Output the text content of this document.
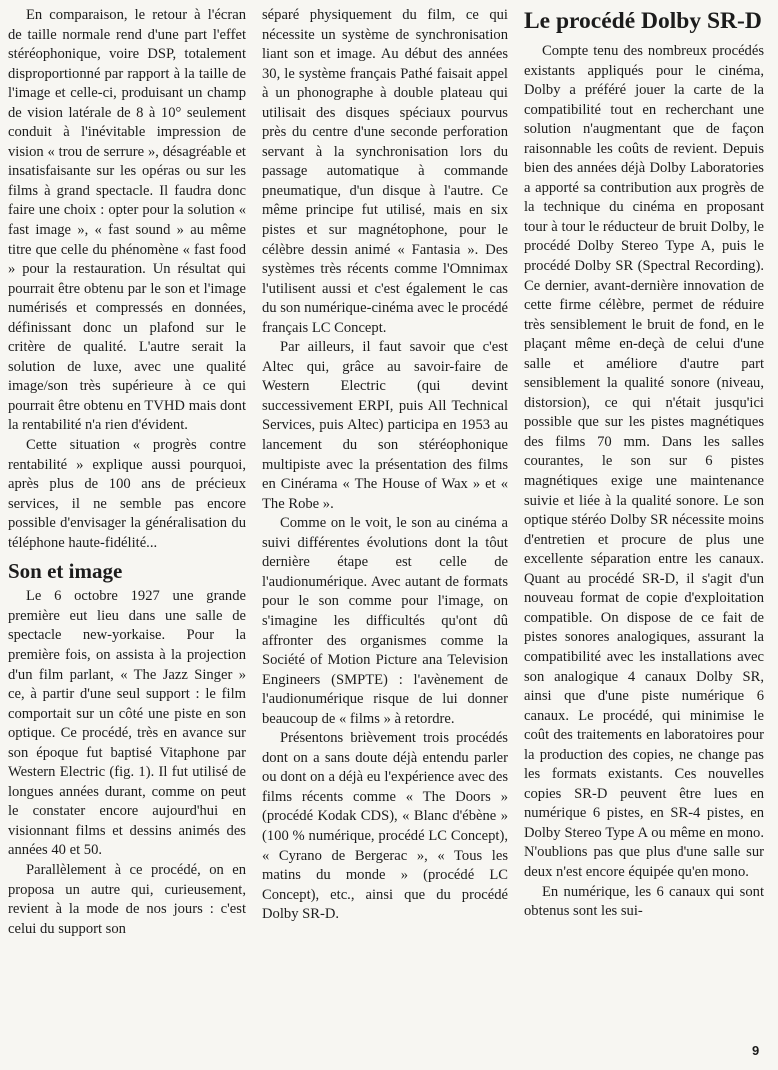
En comparaison, le retour à l'écran de taille normale rend d'une part l'effet stéréophonique, voire DSP, totalement disproportionné par rapport à la taille de l'image et celle-ci, produisant un champ de vision latérale de 8 à 10° seulement conduit à l'inévitable impression de vision « trou de serrure », désagréable et insatisfaisante sur les opéras ou sur les films à grand spectacle. Il faudra donc faire une choix : opter pour la solution « fast image », « fast sound » au même titre que celle du phénomène « fast food » pour la restauration. Un résultat qui pourrait être obtenu par le son et l'image numérisés et compressés en données, définissant donc un plafond sur le critère de qualité. L'autre serait la solution de luxe, avec une qualité image/son très supérieure à ce qui pourrait être obtenu en TVHD mais dont la rentabilité n'a rien d'évident.

Cette situation « progrès contre rentabilité » explique aussi pourquoi, après plus de 100 ans de précieux services, il ne semble pas encore possible d'envisager la généralisation du téléphone haute-fidélité...

Son et image

Le 6 octobre 1927 une grande première eut lieu dans une salle de spectacle new-yorkaise. Pour la première fois, on assista à la projection d'un film parlant, « The Jazz Singer » ce, à partir d'une seul support : le film comportait sur un côté une piste en son optique. Ce procédé, très en avance sur son époque fut baptisé Vitaphone par Western Electric (fig. 1). Il fut utilisé de longues années durant, comme on peut le constater encore aujourd'hui en visionnant films et dessins animés des années 40 et 50.

Parallèlement à ce procédé, on en proposa un autre qui, curieusement, revient à la mode de nos jours : c'est celui du support son

séparé physiquement du film, ce qui nécessite un système de synchronisation liant son et image. Au début des années 30, le système français Pathé faisait appel à un phonographe à double plateau qui utilisait des disques spéciaux pourvus près du centre d'une seconde perforation servant à la synchronisation lors du passage automatique à commande pneumatique, d'un disque à l'autre. Ce même principe fut utilisé, mais en six pistes et sur magnétophone, pour le célèbre dessin animé « Fantasia ». Des systèmes très récents comme l'Omnimax l'utilisent aussi et c'est également le cas du son numérique-cinéma avec le procédé français LC Concept.

Par ailleurs, il faut savoir que c'est Altec qui, grâce au savoir-faire de Western Electric (qui devint successivement ERPI, puis All Technical Services, puis Altec) participa en 1953 au lancement du son stéréophonique multipiste avec la présentation des films en Cinérama « The House of Wax » et « The Robe ».

Comme on le voit, le son au cinéma a suivi différentes évolutions dont la tôut dernière étape est celle de l'audionumérique. Avec autant de formats pour le son comme pour l'image, on s'imagine les difficultés qu'ont dû affronter des organismes comme la Société of Motion Picture ana Television Engineers (SMPTE) : l'avènement de l'audionumérique risque de lui donner beaucoup de « films » à retordre.

Présentons brièvement trois procédés dont on a sans doute déjà entendu parler ou dont on a déjà eu l'expérience avec des films récents comme « The Doors » (procédé Kodak CDS), « Blanc d'ébène » (100 % numérique, procédé LC Concept), « Cyrano de Bergerac », « Tous les matins du monde » (procédé LC Concept), etc., ainsi que du procédé Dolby SR-D.

Le procédé Dolby SR-D

Compte tenu des nombreux procédés existants appliqués pour le cinéma, Dolby a préféré jouer la carte de la compatibilité tout en recherchant une solution n'augmentant que de façon raisonnable les coûts de revient. Depuis bien des années déjà Dolby Laboratories a apporté sa contribution aux progrès de la technique du cinéma en proposant tour à tour le réducteur de bruit Dolby, le procédé Dolby Stereo Type A, puis le procédé Dolby SR (Spectral Recording). Ce dernier, avant-dernière innovation de cette firme célèbre, permet de réduire très sensiblement le bruit de fond, en le plaçant même en-deçà de celui d'une salle et améliore d'autre part sensiblement la qualité sonore (niveau, distorsion), ce qui n'était jusqu'ici possible que sur les pistes magnétiques des films 70 mm. Dans les salles courantes, le son sur 6 pistes magnétiques exige une maintenance suivie et liée à la qualité sonore. Le son optique stéréo Dolby SR nécessite moins d'entretien et procure de plus une excellente séparation entre les canaux. Quant au procédé SR-D, il s'agit d'un nouveau format de copie d'exploitation compatible. On dispose de ce fait de pistes sonores analogiques, assurant la compatibilité avec les installations avec son analogique 4 canaux Dolby SR, ainsi que d'une piste numérique 6 canaux. Le procédé, qui minimise le coût des traitements en laboratoires pour la production des copies, ne change pas les formats existants. Ces nouvelles copies SR-D peuvent être lues en numérique 6 pistes, en SR-4 pistes, en Dolby Stereo Type A ou même en mono. N'oublions pas que plus d'une salle sur deux n'est encore équipée qu'en mono.

En numérique, les 6 canaux qui sont obtenus sont les sui-

9
